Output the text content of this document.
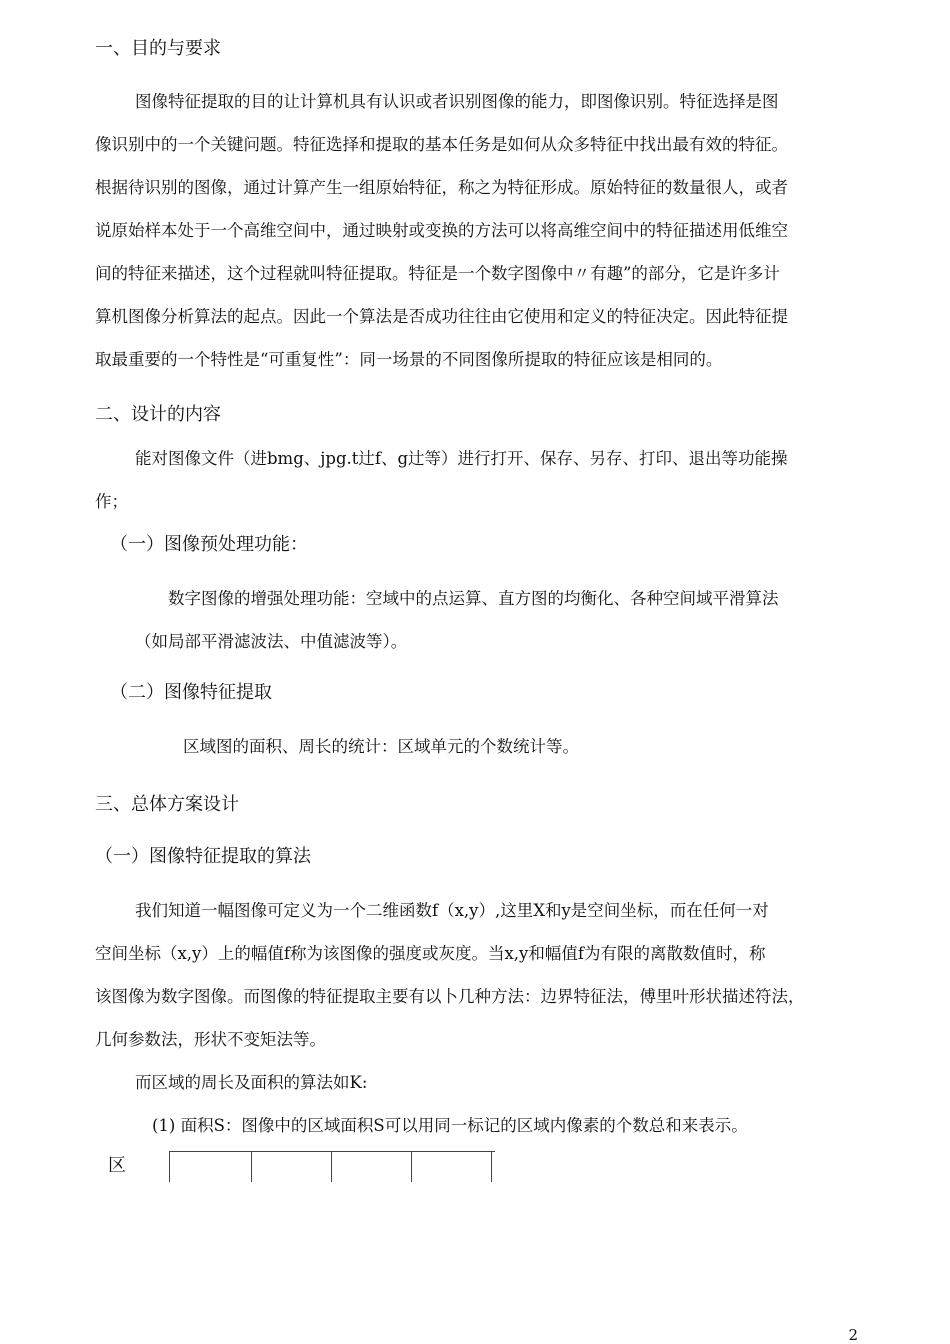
一、目的与要求
图像特征提取的目的让计算机具有认识或者识别图像的能力，即图像识别。特征选择是图
像识别中的一个关键问题。特征选择和提取的基本任务是如何从众多特征中找出最有效的特征。
根据待识别的图像，通过计算产生一组原始特征，称之为特征形成。原始特征的数量很人，或者
说原始样本处于一个高维空间中，通过映射或变换的方法可以将高维空间中的特征描述用低维空
间的特征来描述，这个过程就叫特征提取。特征是一个数字图像中〃有趣”的部分，它是许多计
算机图像分析算法的起点。因此一个算法是否成功往往由它使用和定义的特征决定。因此特征提
取最重要的一个特性是“可重复性”：同一场景的不同图像所提取的特征应该是相同的。
二、设计的内容
能对图像文件（进bmg、jpg.t辻f、g辻等）进行打开、保存、另存、打印、退出等功能操
作；
（一）图像预处理功能：
数字图像的增强处理功能：空域中的点运算、直方图的均衡化、各种空间域平滑算法
（如局部平滑滤波法、中值滤波等）。
（二）图像特征提取
区域图的面积、周长的统计：区域单元的个数统计等。
三、总体方案设计
（一）图像特征提取的算法
我们知道一幅图像可定义为一个二维函数f（x,y）,这里X和y是空间坐标，而在任何一对
空间坐标（x,y）上的幅值f称为该图像的强度或灰度。当x,y和幅值f为有限的离散数值时，称
该图像为数字图像。而图像的特征提取主要有以卜几种方法：边界特征法，傅里叶形状描述符法，
几何参数法，形状不变矩法等。
而区域的周长及面积的算法如K:
(1) 面积S：图像中的区域面积S可以用同一标记的区域内像素的个数总和来表示。
区
2
